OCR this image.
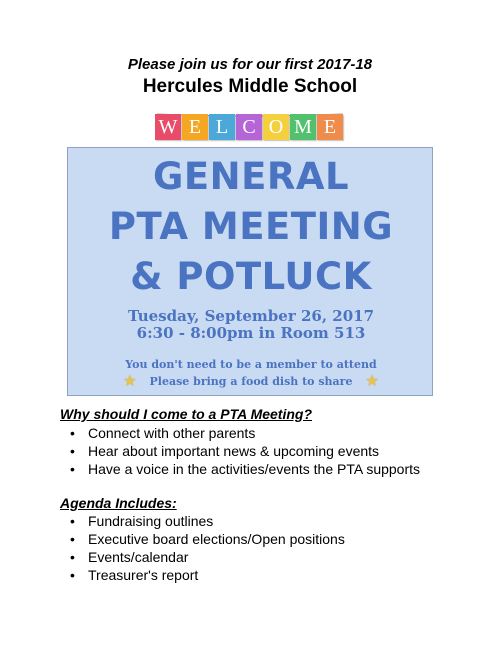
Please join us for our first 2017-18
Hercules Middle School
W E L C O M E
GENERAL
PTA MEETING
& POTLUCK
Tuesday, September 26, 2017
6:30 - 8:00pm in Room 513
You don't need to be a member to attend
★ Please bring a food dish to share ★
Why should I come to a PTA Meeting?
• Connect with other parents
• Hear about important news & upcoming events
• Have a voice in the activities/events the PTA supports
Agenda Includes:
• Fundraising outlines
• Executive board elections/Open positions
• Events/calendar
• Treasurer's report
